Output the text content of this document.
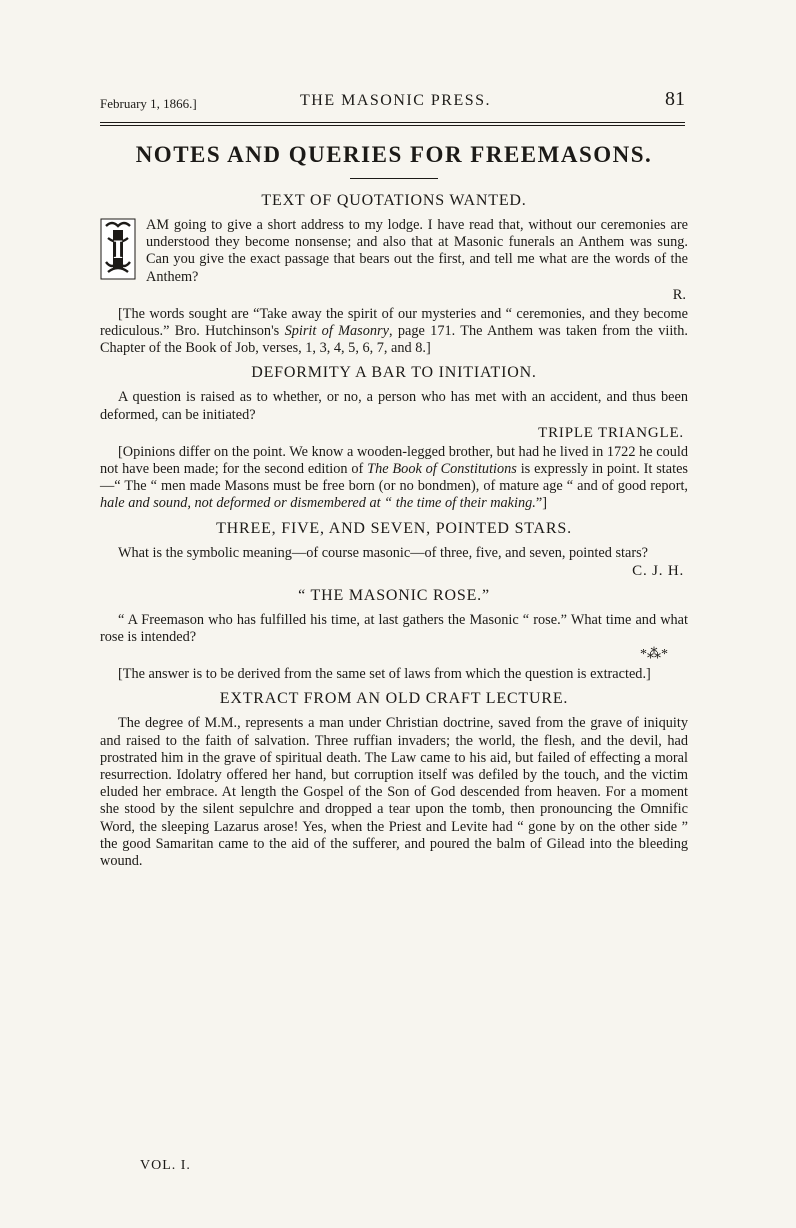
February 1, 1866.]	THE MASONIC PRESS.	81
NOTES AND QUERIES FOR FREEMASONS.
TEXT OF QUOTATIONS WANTED.
I

AM going to give a short address to my lodge. I have read that, without our ceremonies are understood they become nonsense; and also that at Masonic funerals an Anthem was sung. Can you give the exact passage that bears out the first, and tell me what are the words of the Anthem?

R.

[The words sought are “Take away the spirit of our mysteries and “ ceremonies, and they become rediculous.” Bro. Hutchinson's Spirit of Masonry, page 171. The Anthem was taken from the viith. Chapter of the Book of Job, verses, 1, 3, 4, 5, 6, 7, and 8.]

DEFORMITY A BAR TO INITIATION.

A question is raised as to whether, or no, a person who has met with an accident, and thus been deformed, can be initiated?

TRIPLE TRIANGLE.

[Opinions differ on the point. We know a wooden-legged brother, but had he lived in 1722 he could not have been made; for the second edition of The Book of Constitutions is expressly in point. It states—“ The “ men made Masons must be free born (or no bondmen), of mature age “ and of good report, hale and sound, not deformed or dismembered at “ the time of their making.”]

THREE, FIVE, AND SEVEN, POINTED STARS.

What is the symbolic meaning—of course masonic—of three, five, and seven, pointed stars?

C. J. H.
“ THE MASONIC ROSE.”

“ A Freemason who has fulfilled his time, at last gathers the Masonic “ rose.” What time and what rose is intended?

*⁂*

[The answer is to be derived from the same set of laws from which the question is extracted.]

EXTRACT FROM AN OLD CRAFT LECTURE.

The degree of M.M., represents a man under Christian doctrine, saved from the grave of iniquity and raised to the faith of salvation. Three ruffian invaders; the world, the flesh, and the devil, had prostrated him in the grave of spiritual death. The Law came to his aid, but failed of effecting a moral resurrection. Idolatry offered her hand, but corruption itself was defiled by the touch, and the victim eluded her embrace. At length the Gospel of the Son of God descended from heaven. For a moment she stood by the silent sepulchre and dropped a tear upon the tomb, then pronouncing the Omnific Word, the sleeping Lazarus arose! Yes, when the Priest and Levite had “ gone by on the other side ” the good Samaritan came to the aid of the sufferer, and poured the balm of Gilead into the bleeding wound.

VOL. I.
